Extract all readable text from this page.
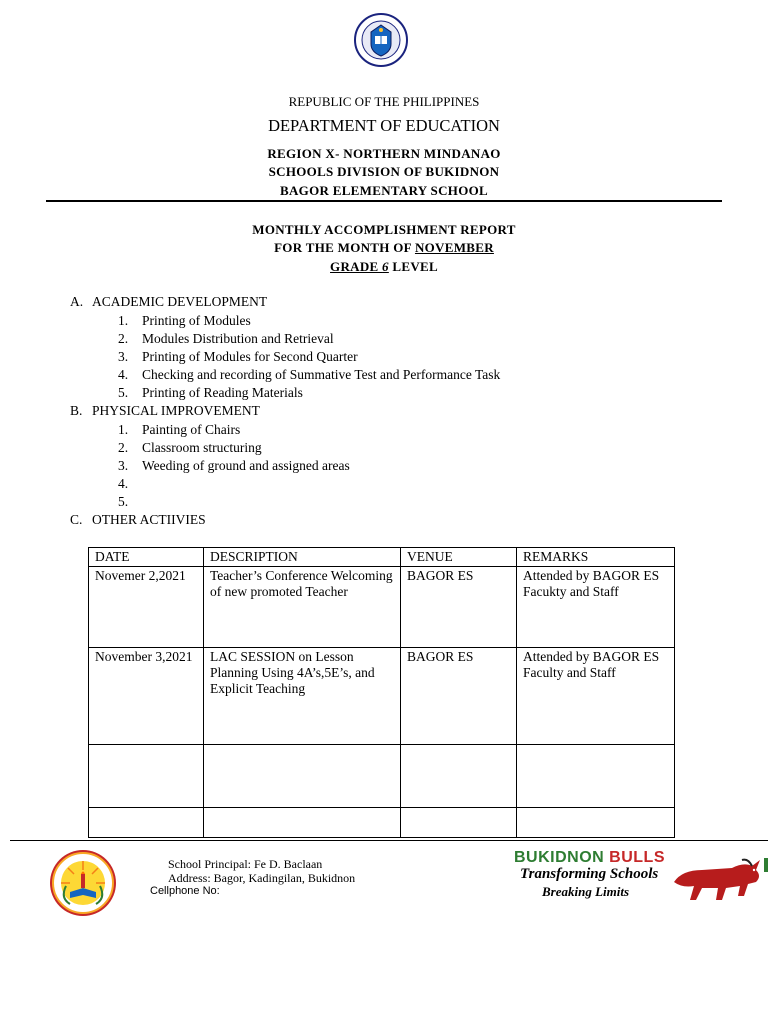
REPUBLIC OF THE PHILIPPINES
DEPARTMENT OF EDUCATION
REGION X- NORTHERN MINDANAO
SCHOOLS DIVISION OF BUKIDNON
BAGOR ELEMENTARY SCHOOL
MONTHLY ACCOMPLISHMENT REPORT
FOR THE MONTH OF NOVEMBER
GRADE 6 LEVEL
A. ACADEMIC DEVELOPMENT
1. Printing of Modules
2. Modules Distribution and Retrieval
3. Printing of Modules for Second Quarter
4. Checking and recording of Summative Test and Performance Task
5. Printing of Reading Materials
B. PHYSICAL IMPROVEMENT
1. Painting of Chairs
2. Classroom structuring
3. Weeding of ground and assigned areas
4.
5.
C. OTHER ACTIIVIES
DATE	DESCRIPTION	VENUE	REMARKS
Novemer 2,2021	Teacher’s Conference Welcoming of new promoted Teacher	BAGOR ES	Attended by BAGOR ES Facukty and Staff
November 3,2021	LAC SESSION on Lesson Planning Using 4A’s,5E’s, and Explicit Teaching	BAGOR ES	Attended by BAGOR ES Faculty and Staff

School Principal: Fe D. Baclaan
Address: Bagor, Kadingilan, Bukidnon
Cellphone No:
BUKIDNON BULLS
Transforming Schools
Breaking Limits
